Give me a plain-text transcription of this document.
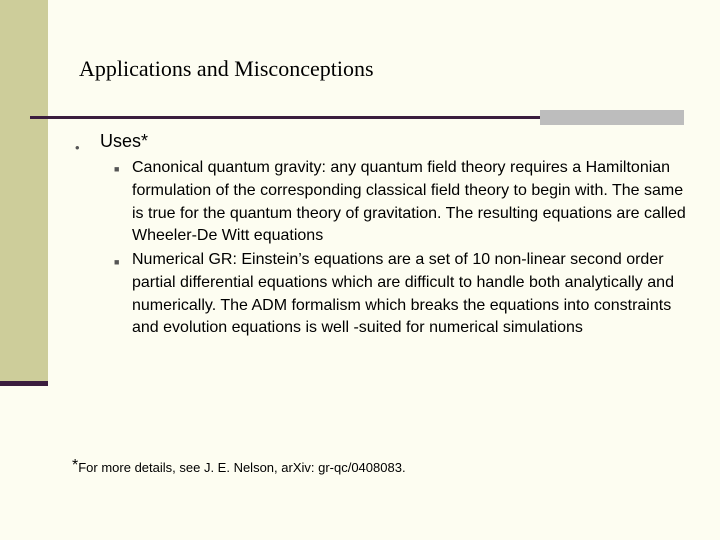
Applications and Misconceptions
• Uses*
■ Canonical quantum gravity: any quantum field theory requires a Hamiltonian formulation of the corresponding classical field theory to begin with. The same is true for the quantum theory of gravitation. The resulting equations are called Wheeler-De Witt equations

■ Numerical GR: Einstein’s equations are a set of 10 non-linear second order partial differential equations which are difficult to handle both analytically and numerically. The ADM formalism which breaks the equations into constraints and evolution equations is well -suited for numerical simulations

*For more details, see J. E. Nelson, arXiv: gr-qc/0408083.
